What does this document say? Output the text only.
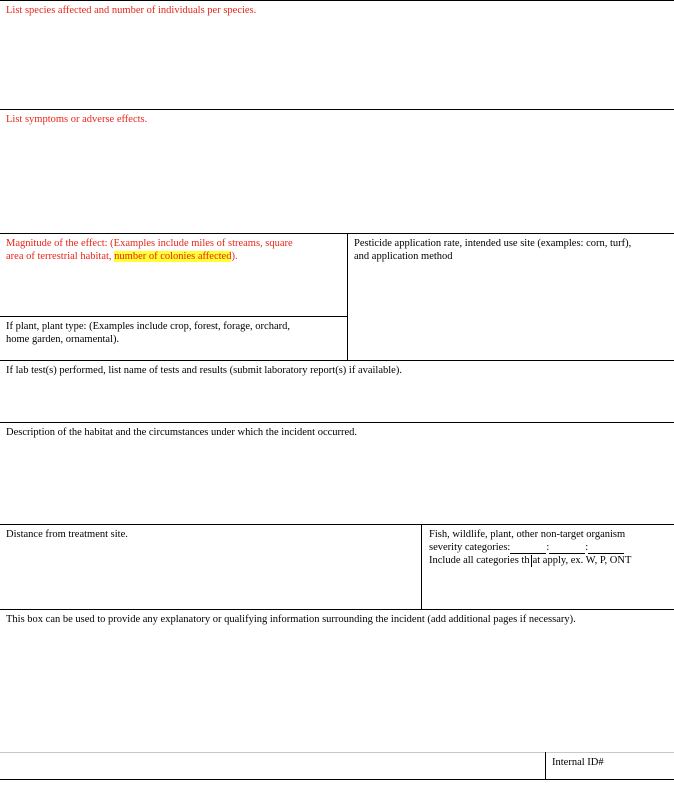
List species affected and number of individuals per species.
List symptoms or adverse effects.
Magnitude of the effect: (Examples include miles of streams, square
area of terrestrial habitat, number of colonies affected).
Pesticide application rate, intended use site (examples: corn, turf),
and application method
If plant, plant type: (Examples include crop, forest, forage, orchard,
home garden, ornamental).
If lab test(s) performed, list name of tests and results (submit laboratory report(s) if available).
Description of the habitat and the circumstances under which the incident occurred.
Distance from treatment site.	Fish, wildlife, plant, other non-target organism
severity categories:	:	:
Include all categories th at apply, ex. W, P, ONT
This box can be used to provide any explanatory or qualifying information surrounding the incident (add additional pages if necessary).
Internal ID#
